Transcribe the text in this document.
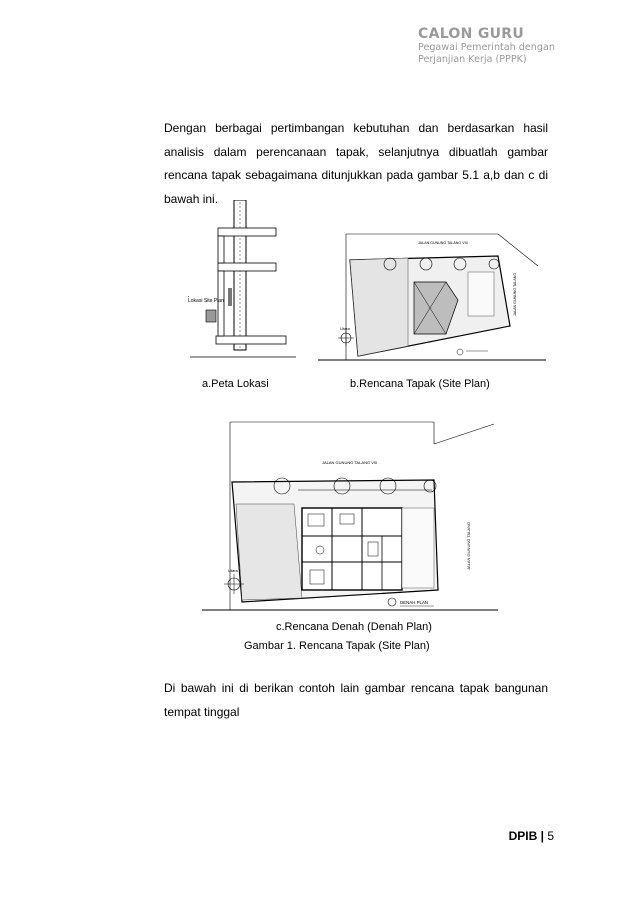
CALON GURU
Pegawai Pemerintah dengan Perjanjian Kerja (PPPK)
Dengan berbagai pertimbangan kebutuhan dan berdasarkan hasil analisis dalam perencanaan tapak, selanjutnya dibuatlah gambar rencana tapak sebagaimana ditunjukkan pada gambar 5.1 a,b dan c di bawah ini.
Lokasi Site Plan
Utara
JALAN GUNUNG TALANG VIII
JALAN GUNUNG TALANG
a.Peta Lokasi	b.Rencana Tapak (Site Plan)
Utara
JALAN GUNUNG TALANG VIII
JALAN GUNUNG TALANG
DENAH PLAN
c.Rencana Denah (Denah Plan)
Gambar 1. Rencana Tapak (Site Plan)
Di bawah ini di berikan contoh lain gambar rencana tapak bangunan tempat tinggal
DPIB | 5
